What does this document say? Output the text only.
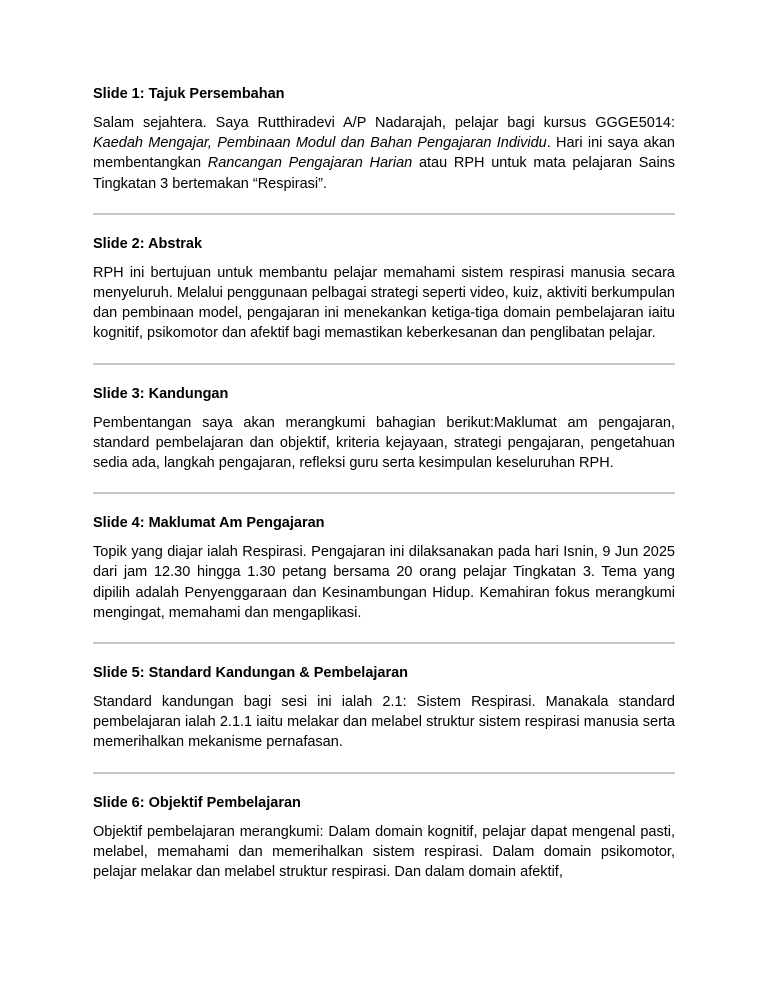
Slide 1: Tajuk Persembahan

Salam sejahtera. Saya Rutthiradevi A/P Nadarajah, pelajar bagi kursus GGGE5014: Kaedah Mengajar, Pembinaan Modul dan Bahan Pengajaran Individu. Hari ini saya akan membentangkan Rancangan Pengajaran Harian atau RPH untuk mata pelajaran Sains Tingkatan 3 bertemakan “Respirasi”.

Slide 2: Abstrak

RPH ini bertujuan untuk membantu pelajar memahami sistem respirasi manusia secara menyeluruh. Melalui penggunaan pelbagai strategi seperti video, kuiz, aktiviti berkumpulan dan pembinaan model, pengajaran ini menekankan ketiga-tiga domain pembelajaran iaitu kognitif, psikomotor dan afektif bagi memastikan keberkesanan dan penglibatan pelajar.

Slide 3: Kandungan

Pembentangan saya akan merangkumi bahagian berikut:Maklumat am pengajaran, standard pembelajaran dan objektif, kriteria kejayaan, strategi pengajaran, pengetahuan sedia ada, langkah pengajaran, refleksi guru serta kesimpulan keseluruhan RPH.

Slide 4: Maklumat Am Pengajaran

Topik yang diajar ialah Respirasi. Pengajaran ini dilaksanakan pada hari Isnin, 9 Jun 2025 dari jam 12.30 hingga 1.30 petang bersama 20 orang pelajar Tingkatan 3. Tema yang dipilih adalah Penyenggaraan dan Kesinambungan Hidup. Kemahiran fokus merangkumi mengingat, memahami dan mengaplikasi.

Slide 5: Standard Kandungan & Pembelajaran

Standard kandungan bagi sesi ini ialah 2.1: Sistem Respirasi. Manakala standard pembelajaran ialah 2.1.1 iaitu melakar dan melabel struktur sistem respirasi manusia serta memerihalkan mekanisme pernafasan.

Slide 6: Objektif Pembelajaran

Objektif pembelajaran merangkumi: Dalam domain kognitif, pelajar dapat mengenal pasti, melabel, memahami dan memerihalkan sistem respirasi. Dalam domain psikomotor, pelajar melakar dan melabel struktur respirasi. Dan dalam domain afektif,
